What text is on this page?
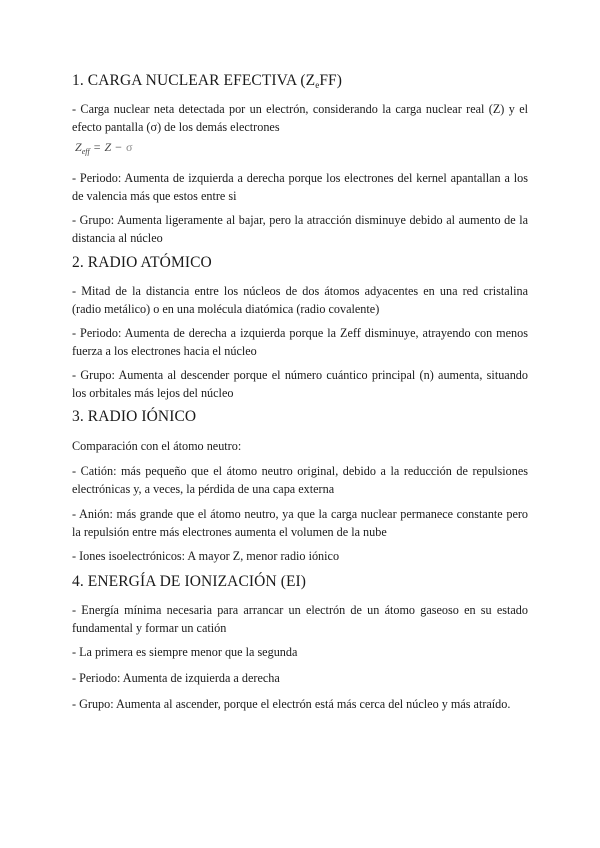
1. CARGA NUCLEAR EFECTIVA (ZeFF)
- Carga nuclear neta detectada por un electrón, considerando la carga nuclear real (Z) y el efecto pantalla (σ) de los demás electrones
$Z_{eff} = Z - \sigma$
- Periodo: Aumenta de izquierda a derecha porque los electrones del kernel apantallan a los de valencia más que estos entre si
- Grupo: Aumenta ligeramente al bajar, pero la atracción disminuye debido al aumento de la distancia al núcleo
2. RADIO ATÓMICO
- Mitad de la distancia entre los núcleos de dos átomos adyacentes en una red cristalina (radio metálico) o en una molécula diatómica (radio covalente)
- Periodo: Aumenta de derecha a izquierda porque la Zeff disminuye, atrayendo con menos fuerza a los electrones hacia el núcleo
- Grupo: Aumenta al descender porque el número cuántico principal (n) aumenta, situando los orbitales más lejos del núcleo
3. RADIO IÓNICO
Comparación con el átomo neutro:
- Catión: más pequeño que el átomo neutro original, debido a la reducción de repulsiones electrónicas y, a veces, la pérdida de una capa externa
- Anión: más grande que el átomo neutro, ya que la carga nuclear permanece constante pero la repulsión entre más electrones aumenta el volumen de la nube
- Iones isoelectrónicos: A mayor Z, menor radio iónico
4. ENERGÍA DE IONIZACIÓN (EI)
- Energía mínima necesaria para arrancar un electrón de un átomo gaseoso en su estado fundamental y formar un catión
- La primera es siempre menor que la segunda
- Periodo: Aumenta de izquierda a derecha
- Grupo: Aumenta al ascender, porque el electrón está más cerca del núcleo y más atraído.
